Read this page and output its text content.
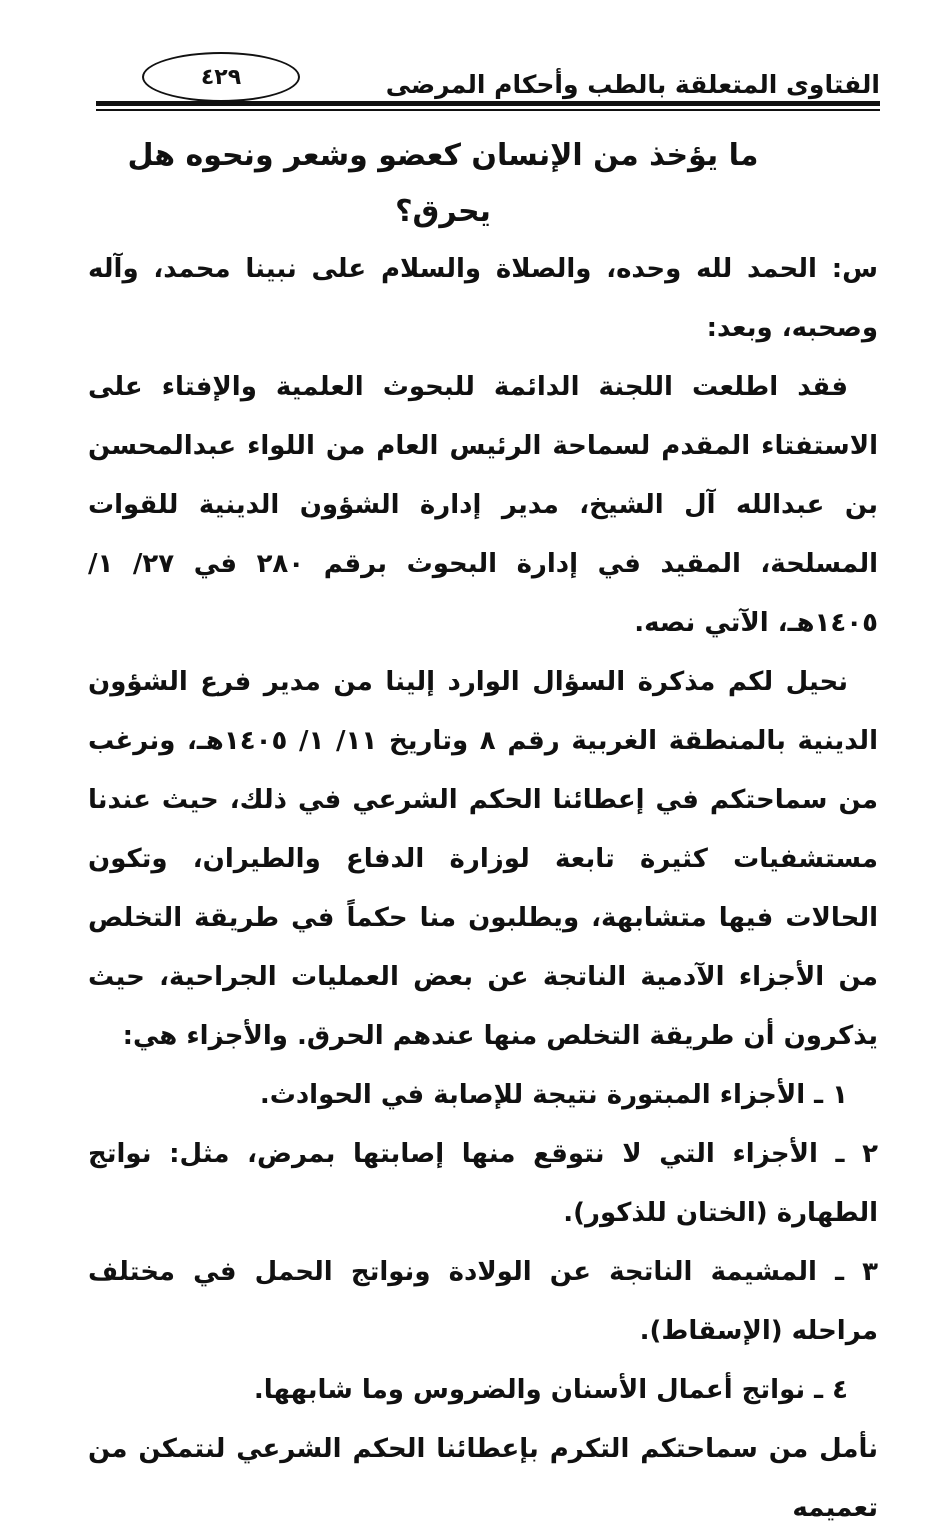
٤٢٩	الفتاوى المتعلقة بالطب وأحكام المرضى
ما يؤخذ من الإنسان كعضو وشعر ونحوه هل يحرق؟

س: الحمد لله وحده، والصلاة والسلام على نبينا محمد، وآله وصحبه، وبعد:

فقد اطلعت اللجنة الدائمة للبحوث العلمية والإفتاء على الاستفتاء المقدم لسماحة الرئيس العام من اللواء عبدالمحسن بن عبدالله آل الشيخ، مدير إدارة الشؤون الدينية للقوات المسلحة، المقيد في إدارة البحوث برقم ٢٨٠ في ٢٧/ ١/ ١٤٠٥هـ، الآتي نصه.

نحيل لكم مذكرة السؤال الوارد إلينا من مدير فرع الشؤون الدينية بالمنطقة الغربية رقم ٨ وتاريخ ١١/ ١/ ١٤٠٥هـ، ونرغب من سماحتكم في إعطائنا الحكم الشرعي في ذلك، حيث عندنا مستشفيات كثيرة تابعة لوزارة الدفاع والطيران، وتكون الحالات فيها متشابهة، ويطلبون منا حكماً في طريقة التخلص من الأجزاء الآدمية الناتجة عن بعض العمليات الجراحية، حيث يذكرون أن طريقة التخلص منها عندهم الحرق. والأجزاء هي:

١ ـ الأجزاء المبتورة نتيجة للإصابة في الحوادث.

٢ ـ الأجزاء التي لا نتوقع منها إصابتها بمرض، مثل: نواتج الطهارة (الختان للذكور).

٣ ـ المشيمة الناتجة عن الولادة ونواتج الحمل في مختلف مراحله (الإسقاط).

٤ ـ نواتج أعمال الأسنان والضروس وما شابهها.

نأمل من سماحتكم التكرم بإعطائنا الحكم الشرعي لنتمكن من تعميمه
